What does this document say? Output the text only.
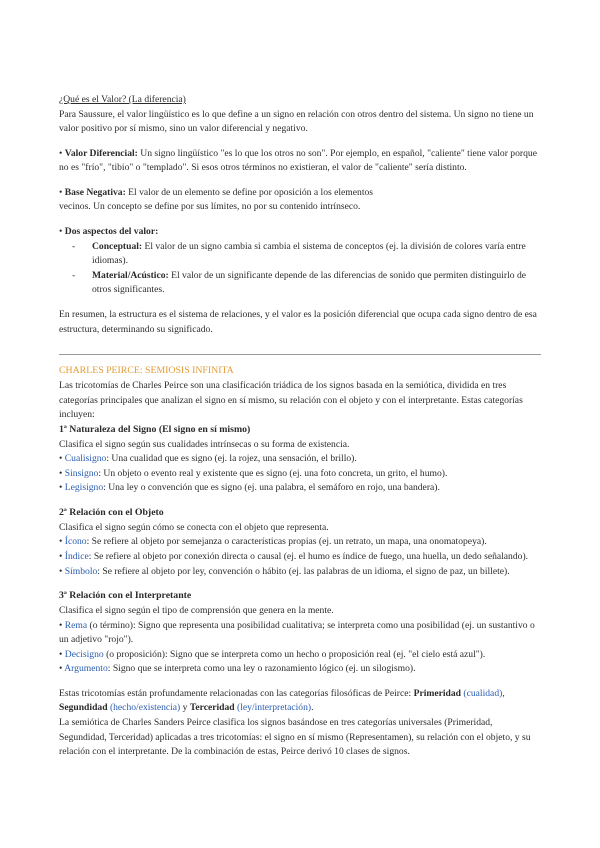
¿Qué es el Valor? (La diferencia)

Para Saussure, el valor lingüístico es lo que define a un signo en relación con otros dentro del sistema. Un signo no tiene un valor positivo por sí mismo, sino un valor diferencial y negativo.

• Valor Diferencial: Un signo lingüístico "es lo que los otros no son". Por ejemplo, en español, "caliente" tiene valor porque no es "frío", "tibio" o "templado". Si esos otros términos no existieran, el valor de "caliente" sería distinto.

• Base Negativa: El valor de un elemento se define por oposición a los elementos

vecinos. Un concepto se define por sus límites, no por su contenido intrínseco.

• Dos aspectos del valor:

-	Conceptual: El valor de un signo cambia si cambia el sistema de conceptos (ej. la división de colores varía entre idiomas).
-	Material/Acústico: El valor de un significante depende de las diferencias de sonido que permiten distinguirlo de otros significantes.

En resumen, la estructura es el sistema de relaciones, y el valor es la posición diferencial que ocupa cada signo dentro de esa estructura, determinando su significado.

CHARLES PEIRCE: SEMIOSIS INFINITA

Las tricotomías de Charles Peirce son una clasificación triádica de los signos basada en la semiótica, dividida en tres categorías principales que analizan el signo en sí mismo, su relación con el objeto y con el interpretante. Estas categorías incluyen:

1ª Naturaleza del Signo (El signo en sí mismo)

Clasifica el signo según sus cualidades intrínsecas o su forma de existencia.

• Cualisigno: Una cualidad que es signo (ej. la rojez, una sensación, el brillo).

• Sinsigno: Un objeto o evento real y existente que es signo (ej. una foto concreta, un grito, el humo).

• Legisigno: Una ley o convención que es signo (ej. una palabra, el semáforo en rojo, una bandera).

2ª Relación con el Objeto

Clasifica el signo según cómo se conecta con el objeto que representa.

• Ícono: Se refiere al objeto por semejanza o características propias (ej. un retrato, un mapa, una onomatopeya).

• Índice: Se refiere al objeto por conexión directa o causal (ej. el humo es índice de fuego, una huella, un dedo señalando).

• Símbolo: Se refiere al objeto por ley, convención o hábito (ej. las palabras de un idioma, el signo de paz, un billete).

3ª Relación con el Interpretante

Clasifica el signo según el tipo de comprensión que genera en la mente.

• Rema (o término): Signo que representa una posibilidad cualitativa; se interpreta como una posibilidad (ej. un sustantivo o un adjetivo "rojo").

• Decisigno (o proposición): Signo que se interpreta como un hecho o proposición real (ej. "el cielo está azul").

• Argumento: Signo que se interpreta como una ley o razonamiento lógico (ej. un silogismo).

Estas tricotomías están profundamente relacionadas con las categorías filosóficas de Peirce: Primeridad (cualidad), Segundidad (hecho/existencia) y Terceridad (ley/interpretación).

La semiótica de Charles Sanders Peirce clasifica los signos basándose en tres categorías universales (Primeridad, Segundidad, Terceridad) aplicadas a tres tricotomías: el signo en sí mismo (Representamen), su relación con el objeto, y su relación con el interpretante. De la combinación de estas, Peirce derivó 10 clases de signos.
